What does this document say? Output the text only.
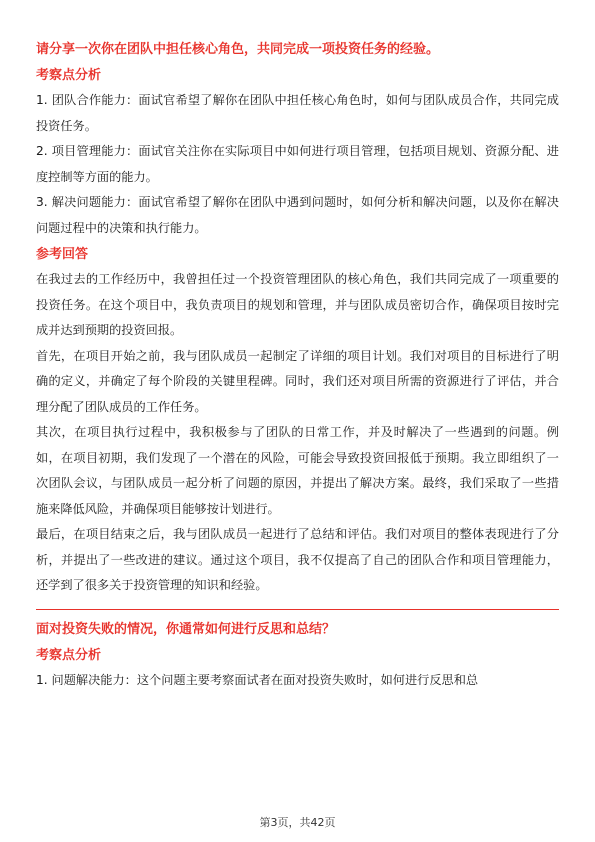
请分享一次你在团队中担任核心角色，共同完成一项投资任务的经验。

考察点分析

1. 团队合作能力：面试官希望了解你在团队中担任核心角色时，如何与团队成员合作，共同完成投资任务。

2. 项目管理能力：面试官关注你在实际项目中如何进行项目管理，包括项目规划、资源分配、进度控制等方面的能力。

3. 解决问题能力：面试官希望了解你在团队中遇到问题时，如何分析和解决问题，以及你在解决问题过程中的决策和执行能力。

参考回答

在我过去的工作经历中，我曾担任过一个投资管理团队的核心角色，我们共同完成了一项重要的投资任务。在这个项目中，我负责项目的规划和管理，并与团队成员密切合作，确保项目按时完成并达到预期的投资回报。

首先，在项目开始之前，我与团队成员一起制定了详细的项目计划。我们对项目的目标进行了明确的定义，并确定了每个阶段的关键里程碑。同时，我们还对项目所需的资源进行了评估，并合理分配了团队成员的工作任务。

其次，在项目执行过程中，我积极参与了团队的日常工作，并及时解决了一些遇到的问题。例如，在项目初期，我们发现了一个潜在的风险，可能会导致投资回报低于预期。我立即组织了一次团队会议，与团队成员一起分析了问题的原因，并提出了解决方案。最终，我们采取了一些措施来降低风险，并确保项目能够按计划进行。

最后，在项目结束之后，我与团队成员一起进行了总结和评估。我们对项目的整体表现进行了分析，并提出了一些改进的建议。通过这个项目，我不仅提高了自己的团队合作和项目管理能力，还学到了很多关于投资管理的知识和经验。

面对投资失败的情况，你通常如何进行反思和总结？

考察点分析

1. 问题解决能力：这个问题主要考察面试者在面对投资失败时，如何进行反思和总

第3页，共42页
